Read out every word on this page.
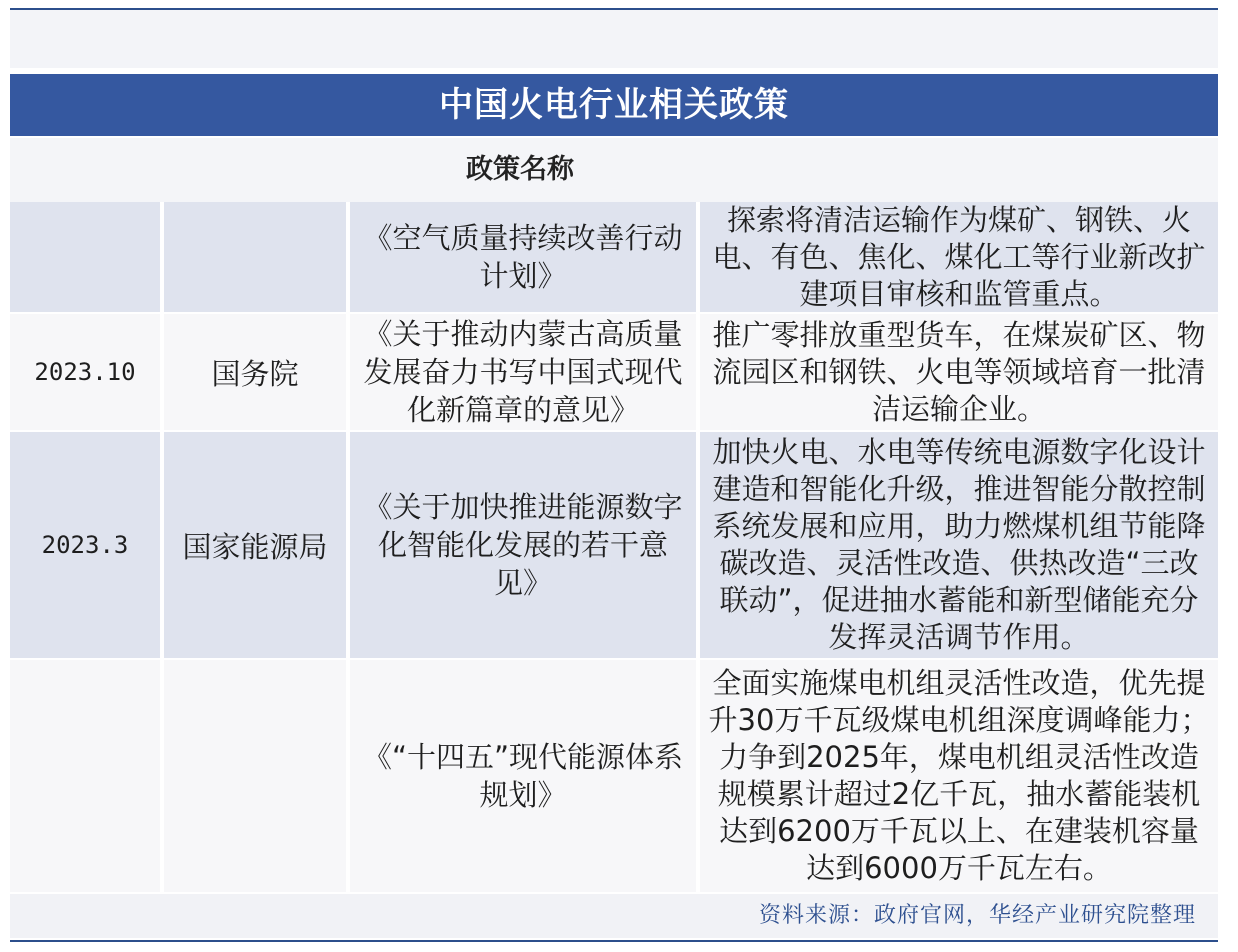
中国火电行业相关政策
政策名称
《空气质量持续改善行动计划》
探索将清洁运输作为煤矿、钢铁、火电、有色、焦化、煤化工等行业新改扩建项目审核和监管重点。
2023.10	国务院
《关于推动内蒙古高质量发展奋力书写中国式现代化新篇章的意见》
推广零排放重型货车，在煤炭矿区、物流园区和钢铁、火电等领域培育一批清洁运输企业。
2023.3	国家能源局
《关于加快推进能源数字化智能化发展的若干意见》
加快火电、水电等传统电源数字化设计建造和智能化升级，推进智能分散控制系统发展和应用，助力燃煤机组节能降碳改造、灵活性改造、供热改造“三改联动”，促进抽水蓄能和新型储能充分发挥灵活调节作用。
《“十四五”现代能源体系规划》
全面实施煤电机组灵活性改造，优先提升30万千瓦级煤电机组深度调峰能力；力争到2025年，煤电机组灵活性改造规模累计超过2亿千瓦，抽水蓄能装机达到6200万千瓦以上、在建装机容量达到6000万千瓦左右。
资料来源：政府官网，华经产业研究院整理
